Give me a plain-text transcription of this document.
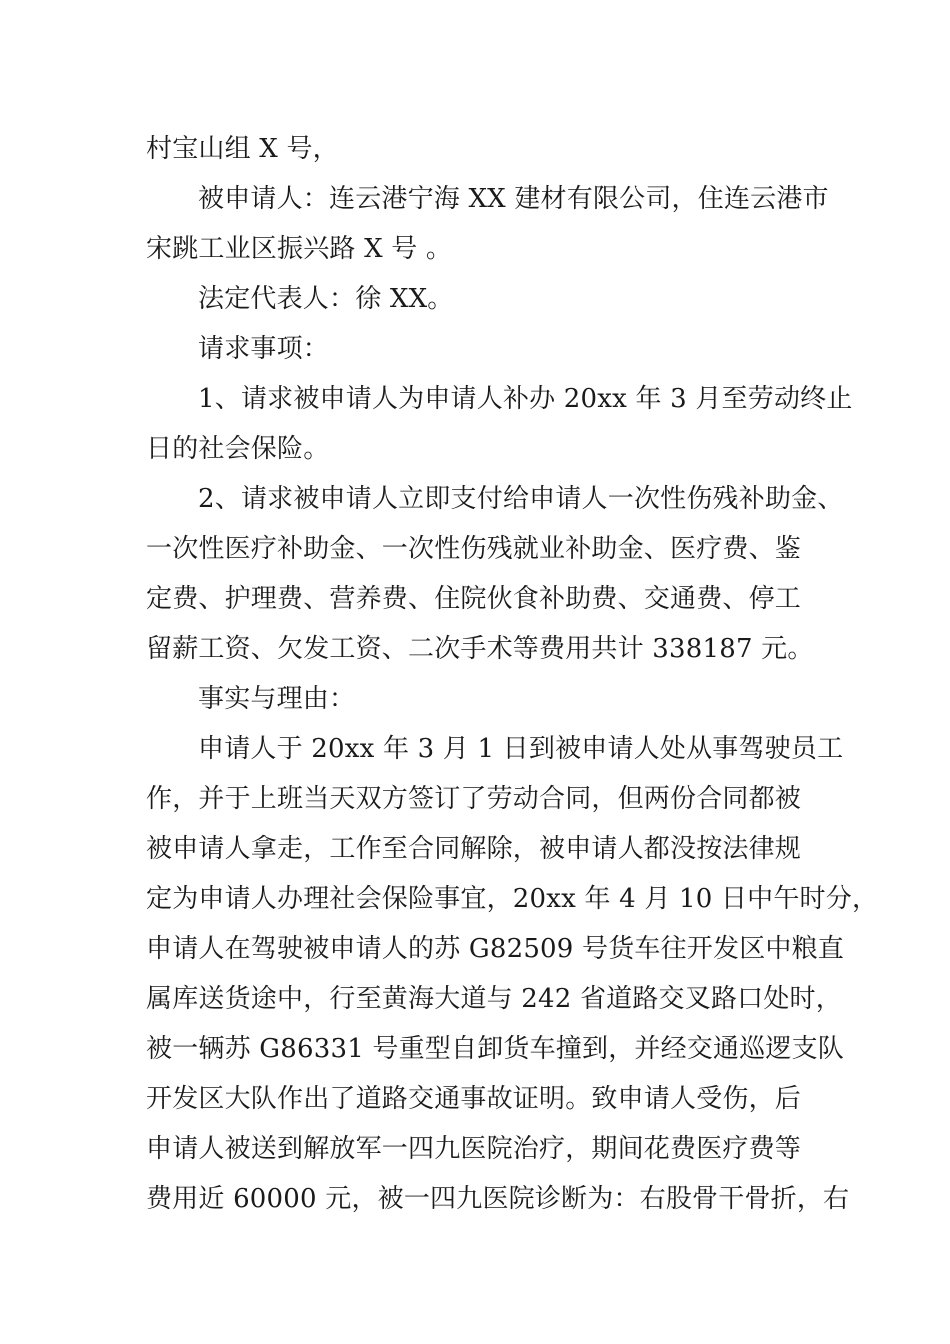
村宝山组 X 号，
被申请人：连云港宁海 XX 建材有限公司，住连云港市
宋跳工业区振兴路 X 号 。
法定代表人：徐 XX。
请求事项：
1、请求被申请人为申请人补办 20xx 年 3 月至劳动终止
日的社会保险。
2、请求被申请人立即支付给申请人一次性伤残补助金、
一次性医疗补助金、一次性伤残就业补助金、医疗费、鉴
定费、护理费、营养费、住院伙食补助费、交通费、停工
留薪工资、欠发工资、二次手术等费用共计 338187 元。
事实与理由：
申请人于 20xx 年 3 月 1 日到被申请人处从事驾驶员工
作，并于上班当天双方签订了劳动合同，但两份合同都被
被申请人拿走，工作至合同解除，被申请人都没按法律规
定为申请人办理社会保险事宜，20xx 年 4 月 10 日中午时分，
申请人在驾驶被申请人的苏 G82509 号货车往开发区中粮直
属库送货途中，行至黄海大道与 242 省道路交叉路口处时，
被一辆苏 G86331 号重型自卸货车撞到，并经交通巡逻支队
开发区大队作出了道路交通事故证明。致申请人受伤，后
申请人被送到解放军一四九医院治疗，期间花费医疗费等
费用近 60000 元，被一四九医院诊断为：右股骨干骨折，右
